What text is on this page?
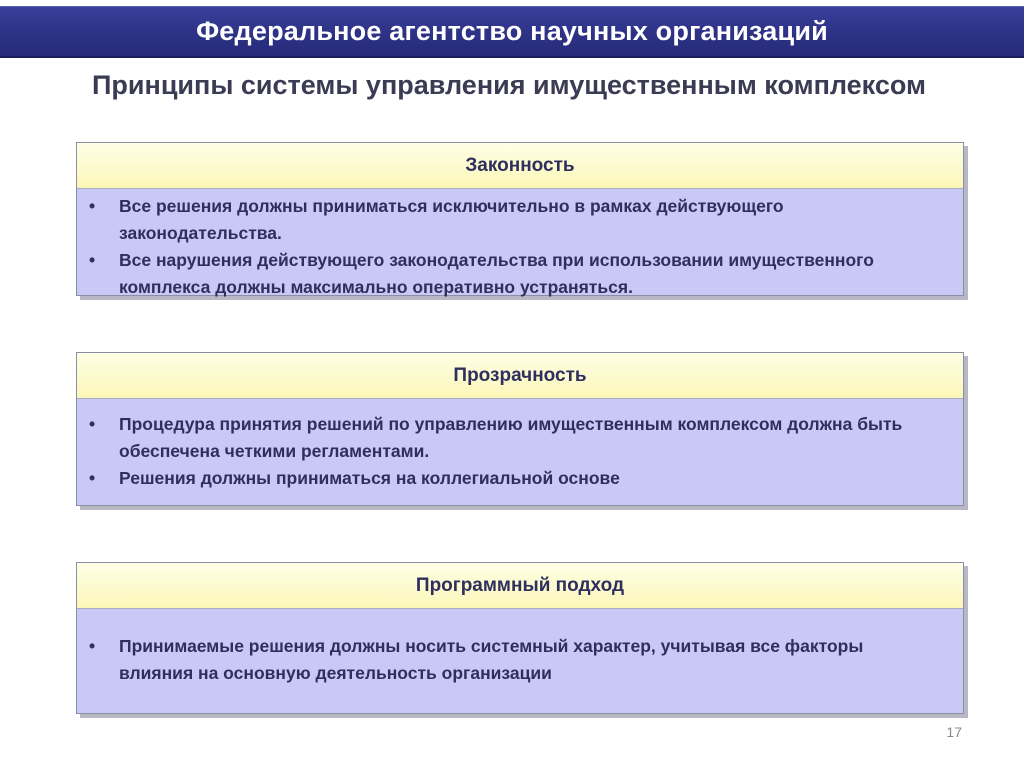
Федеральное агентство научных организаций
Принципы системы управления имущественным комплексом
Законность
•	Все решения должны приниматься исключительно в рамках действующего законодательства.
•	Все нарушения действующего законодательства при использовании имущественного комплекса должны максимально оперативно устраняться.
Прозрачность
•	Процедура принятия решений по управлению имущественным комплексом должна быть обеспечена четкими регламентами.
•	Решения должны приниматься на коллегиальной основе
Программный подход
•	Принимаемые решения должны носить системный характер, учитывая все факторы влияния на основную деятельность организации
17
